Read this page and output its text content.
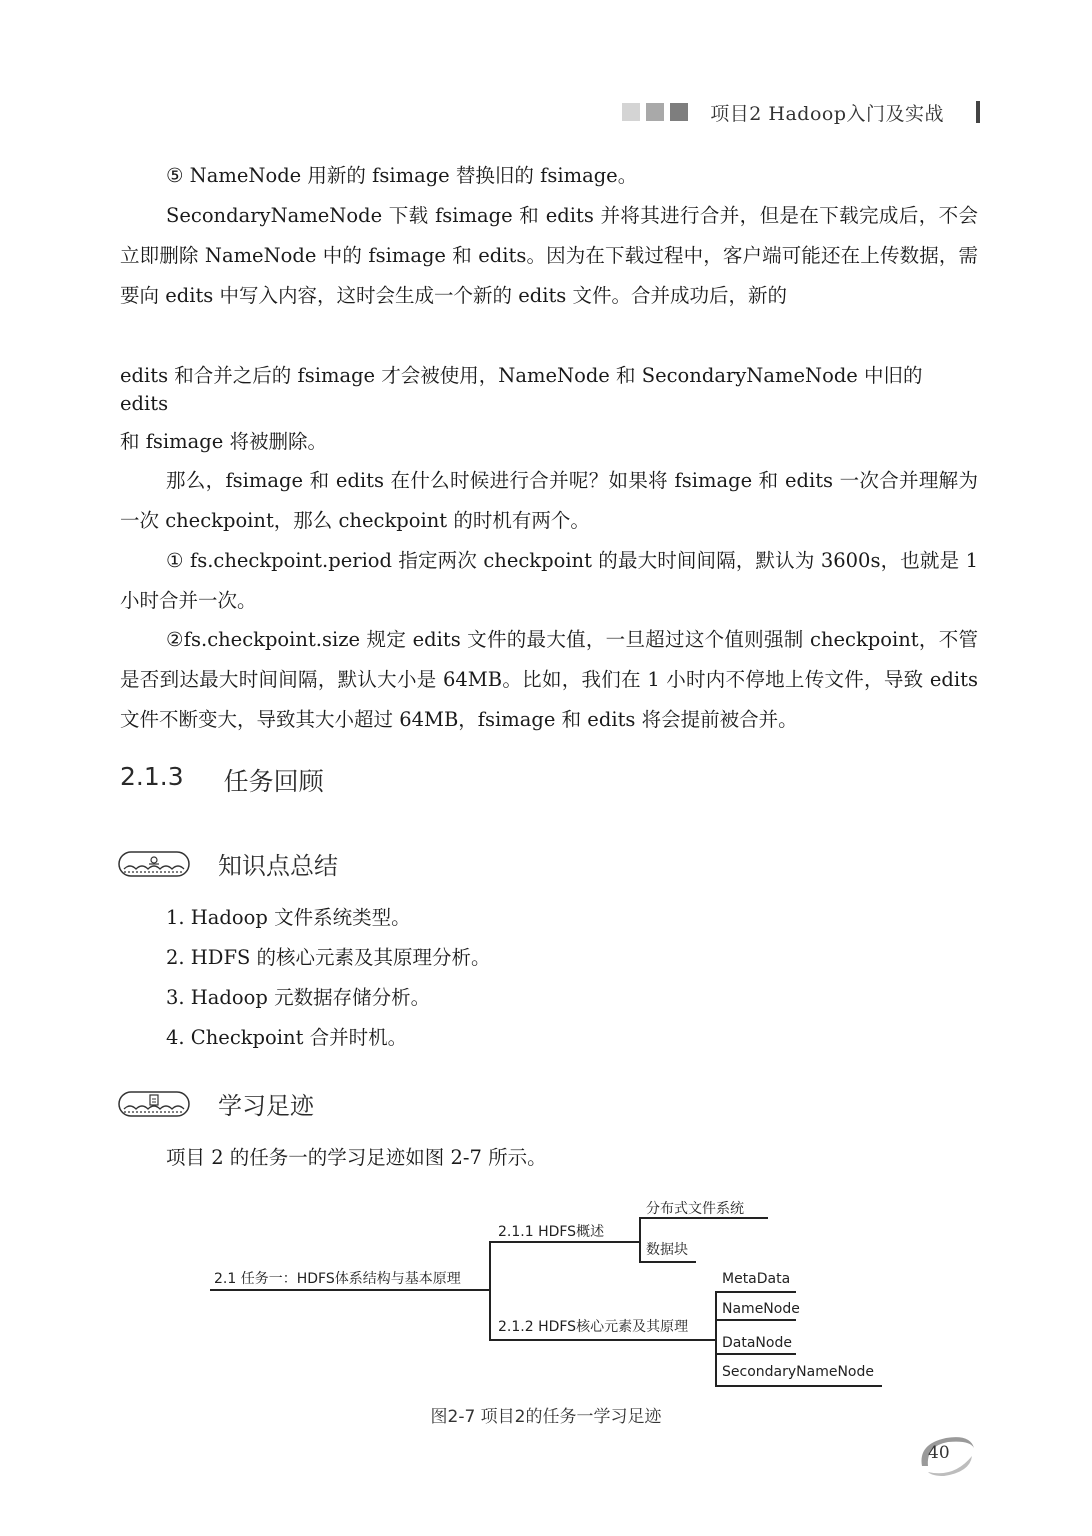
项目2 Hadoop入门及实战

⑤ NameNode 用新的 fsimage 替换旧的 fsimage。

SecondaryNameNode 下载 fsimage 和 edits 并将其进行合并，但是在下载完成后，不会立即删除 NameNode 中的 fsimage 和 edits。因为在下载过程中，客户端可能还在上传数据，需要向 edits 中写入内容，这时会生成一个新的 edits 文件。合并成功后，新的

edits 和合并之后的 fsimage 才会被使用，NameNode 和 SecondaryNameNode 中旧的

edits

和 fsimage 将被删除。

那么，fsimage 和 edits 在什么时候进行合并呢？如果将 fsimage 和 edits 一次合并理解为一次 checkpoint，那么 checkpoint 的时机有两个。

① fs.checkpoint.period 指定两次 checkpoint 的最大时间间隔，默认为 3600s，也就是 1 小时合并一次。

②fs.checkpoint.size 规定 edits 文件的最大值，一旦超过这个值则强制 checkpoint，不管是否到达最大时间间隔，默认大小是 64MB。比如，我们在 1 小时内不停地上传文件，导致 edits 文件不断变大，导致其大小超过 64MB，fsimage 和 edits 将会提前被合并。

2.1.3 任务回顾
知识点总结
1. Hadoop 文件系统类型。
2. HDFS 的核心元素及其原理分析。
3. Hadoop 元数据存储分析。
4. Checkpoint 合并时机。
学习足迹

项目 2 的任务一的学习足迹如图 2-7 所示。

2.1 任务一：HDFS体系结构与基本原理
2.1.1 HDFS概述
分布式文件系统
数据块
2.1.2 HDFS核心元素及其原理
MetaData
NameNode
DataNode
SecondaryNameNode
图2-7 项目2的任务一学习足迹
40
